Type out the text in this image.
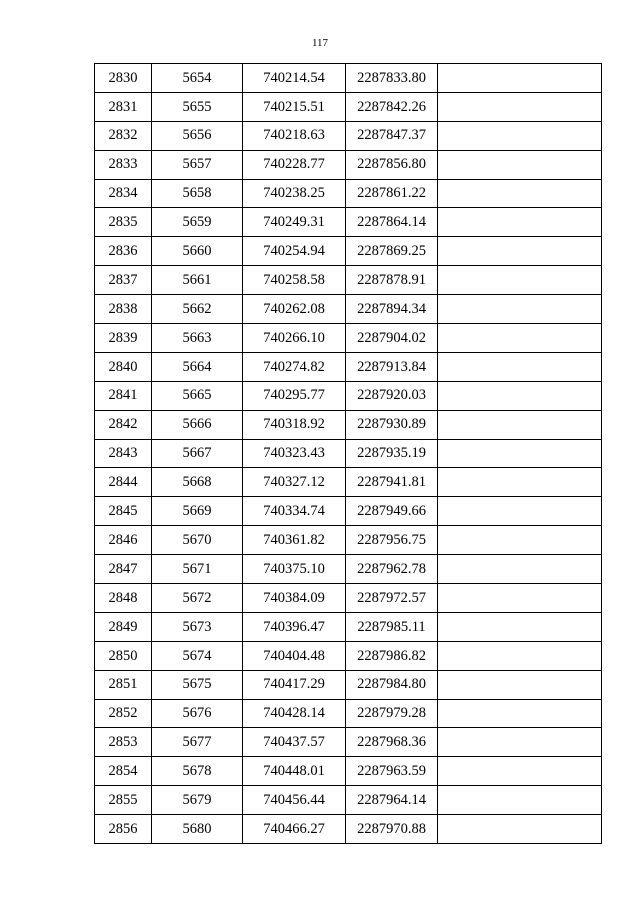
117
2830	5654	740214.54	2287833.80	
2831	5655	740215.51	2287842.26	
2832	5656	740218.63	2287847.37	
2833	5657	740228.77	2287856.80	
2834	5658	740238.25	2287861.22	
2835	5659	740249.31	2287864.14	
2836	5660	740254.94	2287869.25	
2837	5661	740258.58	2287878.91	
2838	5662	740262.08	2287894.34	
2839	5663	740266.10	2287904.02	
2840	5664	740274.82	2287913.84	
2841	5665	740295.77	2287920.03	
2842	5666	740318.92	2287930.89	
2843	5667	740323.43	2287935.19	
2844	5668	740327.12	2287941.81	
2845	5669	740334.74	2287949.66	
2846	5670	740361.82	2287956.75	
2847	5671	740375.10	2287962.78	
2848	5672	740384.09	2287972.57	
2849	5673	740396.47	2287985.11	
2850	5674	740404.48	2287986.82	
2851	5675	740417.29	2287984.80	
2852	5676	740428.14	2287979.28	
2853	5677	740437.57	2287968.36	
2854	5678	740448.01	2287963.59	
2855	5679	740456.44	2287964.14	
2856	5680	740466.27	2287970.88	
